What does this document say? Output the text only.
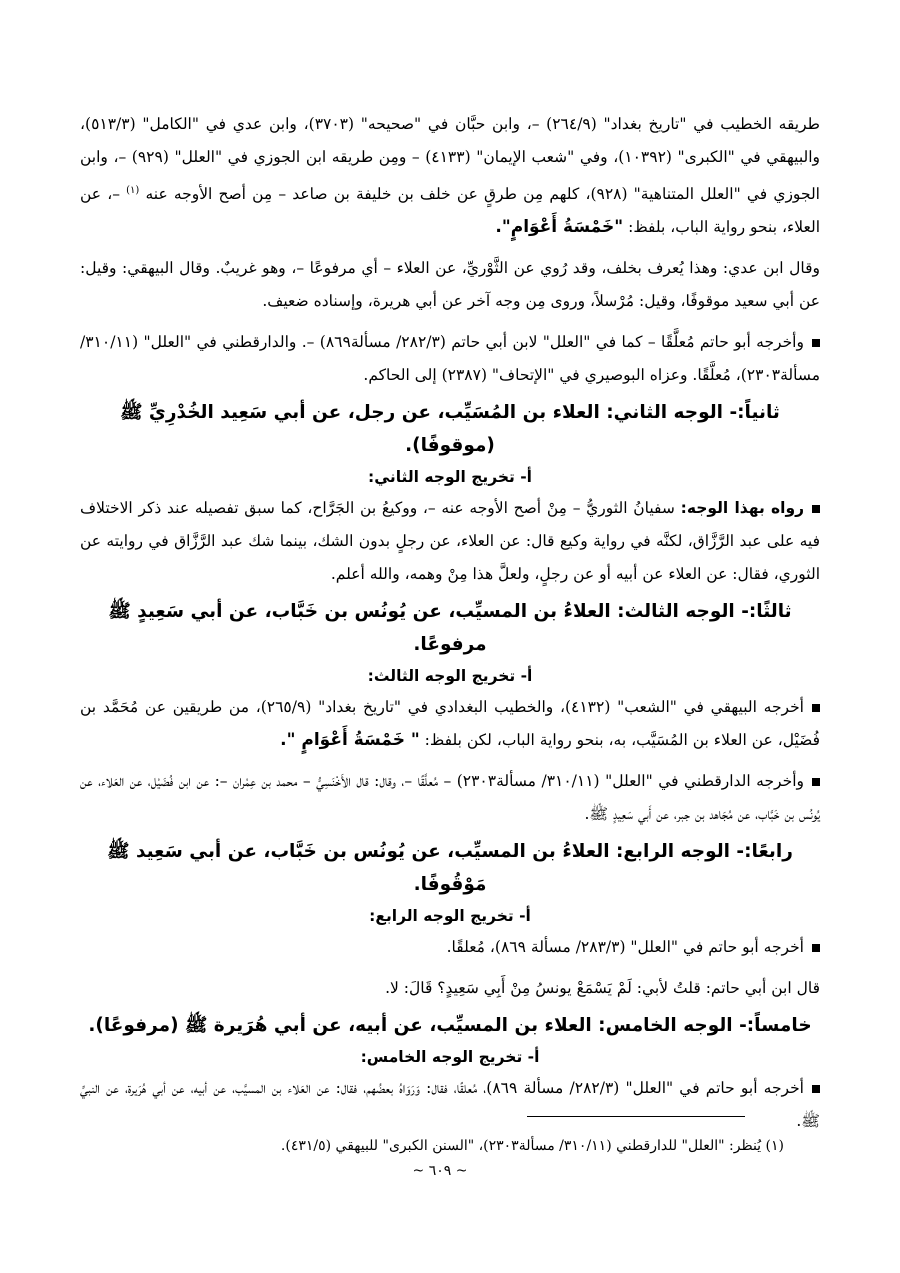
طريقه الخطيب في "تاريخ بغداد" (٢٦٤/٩) –، وابن حبَّان في "صحيحه" (٣٧٠٣)، وابن عدي في "الكامل" (٥١٣/٣)، والبيهقي في "الكبرى" (١٠٣٩٢)، وفي "شعب الإيمان" (٤١٣٣) – ومِن طريقه ابن الجوزي في "العلل" (٩٢٩) –، وابن الجوزي في "العلل المتناهية" (٩٢٨)، كلهم مِن طرقٍ عن خلف بن خليفة بن صاعد – مِن أصح الأوجه عنه $^{(١)}$ –، عن العلاء، بنحو رواية الباب، بلفظ: "خَمْسَةُ أَعْوَامٍ".

وقال ابن عدي: وهذا يُعرف بخلف، وقد رُوي عن الثَّوْريِّ، عن العلاء – أي مرفوعًا –، وهو غريبٌ. وقال البيهقي: وقيل: عن أبي سعيد موقوفًا، وقيل: مُرْسلاً، وروى مِن وجه آخر عن أبي هريرة، وإسناده ضعيف.

وأخرجه أبو حاتم مُعلَّقًا – كما في "العلل" لابن أبي حاتم (٢٨٢/٣/ مسألة٨٦٩) –. والدارقطني في "العلل" (٣١٠/١١/ مسألة٢٣٠٣)، مُعلَّقًا. وعزاه البوصيري في "الإتحاف" (٢٣٨٧) إلى الحاكم.

ثانياً:- الوجه الثاني: العلاء بن المُسَيِّب، عن رجل، عن أبي سَعِيد الخُدْرِيِّ ﷺ (موقوفًا).

أ- تخريج الوجه الثاني:

رواه بهذا الوجه: سفيانُ الثوريُّ – مِنْ أصح الأوجه عنه –، ووكيعُ بن الجَرَّاح، كما سبق تفصيله عند ذكر الاختلاف فيه على عبد الرَّزَّاق، لكنَّه في رواية وكيع قال: عن العلاء، عن رجلٍ بدون الشك، بينما شك عبد الرَّزَّاق في روايته عن الثوري، فقال: عن العلاء عن أبيه أو عن رجلٍ، ولعلَّ هذا مِنْ وهمه، والله أعلم.

ثالثًا:- الوجه الثالث: العلاءُ بن المسيِّب، عن يُونُس بن خَبَّاب، عن أبي سَعِيدٍ ﷺ مرفوعًا.

أ- تخريج الوجه الثالث:

أخرجه البيهقي في "الشعب" (٤١٣٢)، والخطيب البغدادي في "تاريخ بغداد" (٢٦٥/٩)، من طريقين عن مُحَمَّد بن فُضَيْل، عن العلاء بن المُسَيَّب، به، بنحو رواية الباب، لكن بلفظ: " خَمْسَةُ أَعْوَامٍ ".

وأخرجه الدارقطني في "العلل" (٣١٠/١١/ مسألة٢٣٠٣) – مُعلَّقًا –، وقال: قال الأَخْنَسِيُّ – محمد بن عِمْران –: عن ابن فُضَيْل، عن العَلاء، عن يُونُس بن خَبَّاب، عن مُجَاهد بن جبر، عن أَبي سَعِيدٍ ﷺ.

رابعًا:- الوجه الرابع: العلاءُ بن المسيِّب، عن يُونُس بن خَبَّاب، عن أبي سَعِيد ﷺ مَوْقُوفًا.

أ- تخريج الوجه الرابع:

أخرجه أبو حاتم في "العلل" (٢٨٣/٣/ مسألة ٨٦٩)، مُعلقًا.

قال ابن أبي حاتم: قلتُ لأبي: لَمْ يَسْمَعْ يونسُ مِنْ أَبِي سَعِيدٍ؟ قَالَ: لا.

خامساً:- الوجه الخامس: العلاء بن المسيِّب، عن أبيه، عن أبي هُرَيرة ﷺ (مرفوعًا).

أ- تخريج الوجه الخامس:

أخرجه أبو حاتم في "العلل" (٢٨٢/٣/ مسألة ٨٦٩)، مُعلقًا، فقال: وَرَوَاهُ بعضُهم، فقال: عن العَلاء بن المسيَّب، عن أبيه، عن أبي هُرَيرة، عن النبيِّ ﷺ.

(١) يُنظر: "العلل" للدارقطني (٣١٠/١١/ مسألة٢٣٠٣)، "السنن الكبرى" للبيهقي (٤٣١/٥).

~ ٦٠٩ ~
